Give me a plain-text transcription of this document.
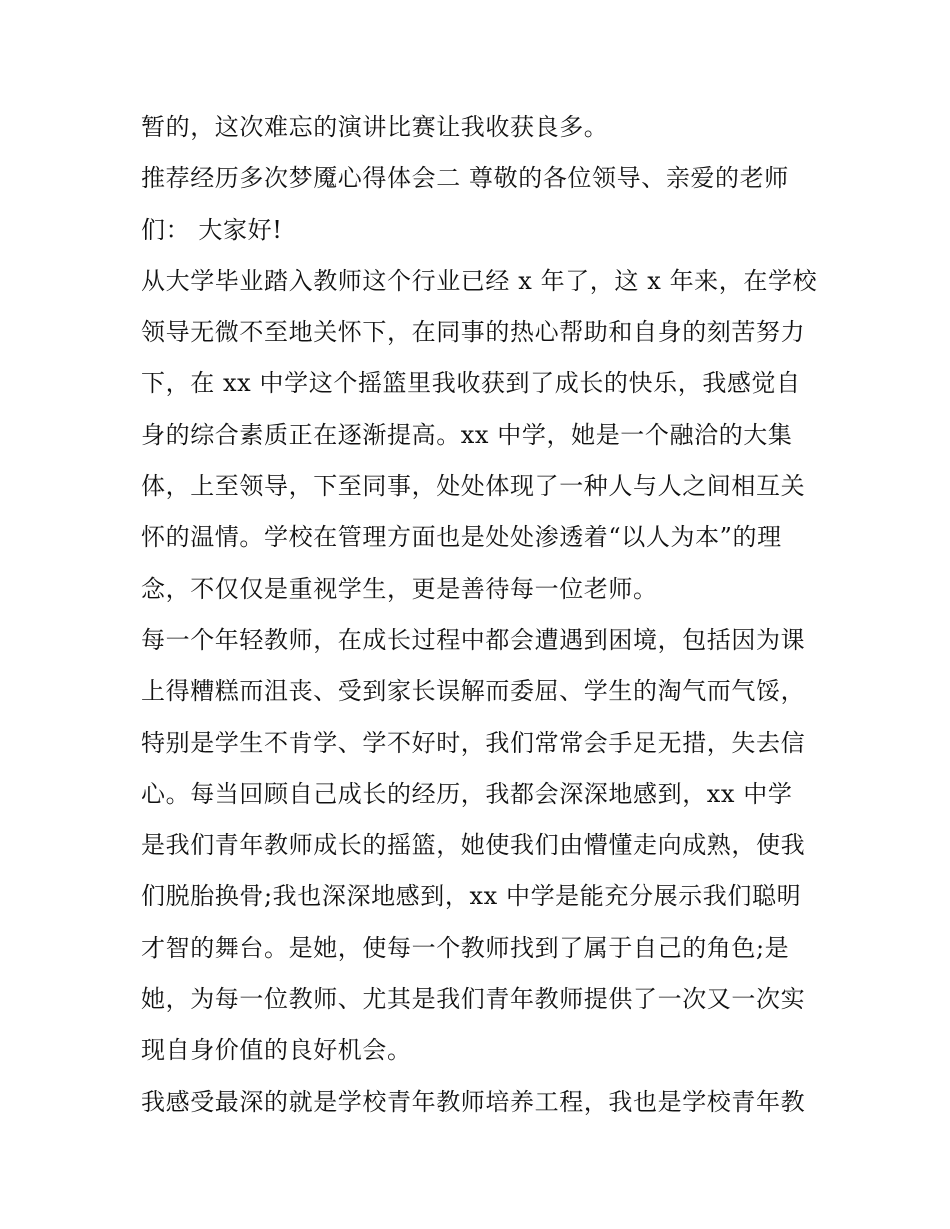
暂的，这次难忘的演讲比赛让我收获良多。
推荐经历多次梦魇心得体会二 尊敬的各位领导、亲爱的老师
们： 大家好!
从大学毕业踏入教师这个行业已经 x 年了，这 x 年来，在学校
领导无微不至地关怀下，在同事的热心帮助和自身的刻苦努力
下，在 xx 中学这个摇篮里我收获到了成长的快乐，我感觉自
身的综合素质正在逐渐提高。xx 中学，她是一个融洽的大集
体，上至领导，下至同事，处处体现了一种人与人之间相互关
怀的温情。学校在管理方面也是处处渗透着“以人为本”的理
念，不仅仅是重视学生，更是善待每一位老师。
每一个年轻教师，在成长过程中都会遭遇到困境，包括因为课
上得糟糕而沮丧、受到家长误解而委屈、学生的淘气而气馁，
特别是学生不肯学、学不好时，我们常常会手足无措，失去信
心。每当回顾自己成长的经历，我都会深深地感到，xx 中学
是我们青年教师成长的摇篮，她使我们由懵懂走向成熟，使我
们脱胎换骨;我也深深地感到，xx 中学是能充分展示我们聪明
才智的舞台。是她，使每一个教师找到了属于自己的角色;是
她，为每一位教师、尤其是我们青年教师提供了一次又一次实
现自身价值的良好机会。
我感受最深的就是学校青年教师培养工程，我也是学校青年教
